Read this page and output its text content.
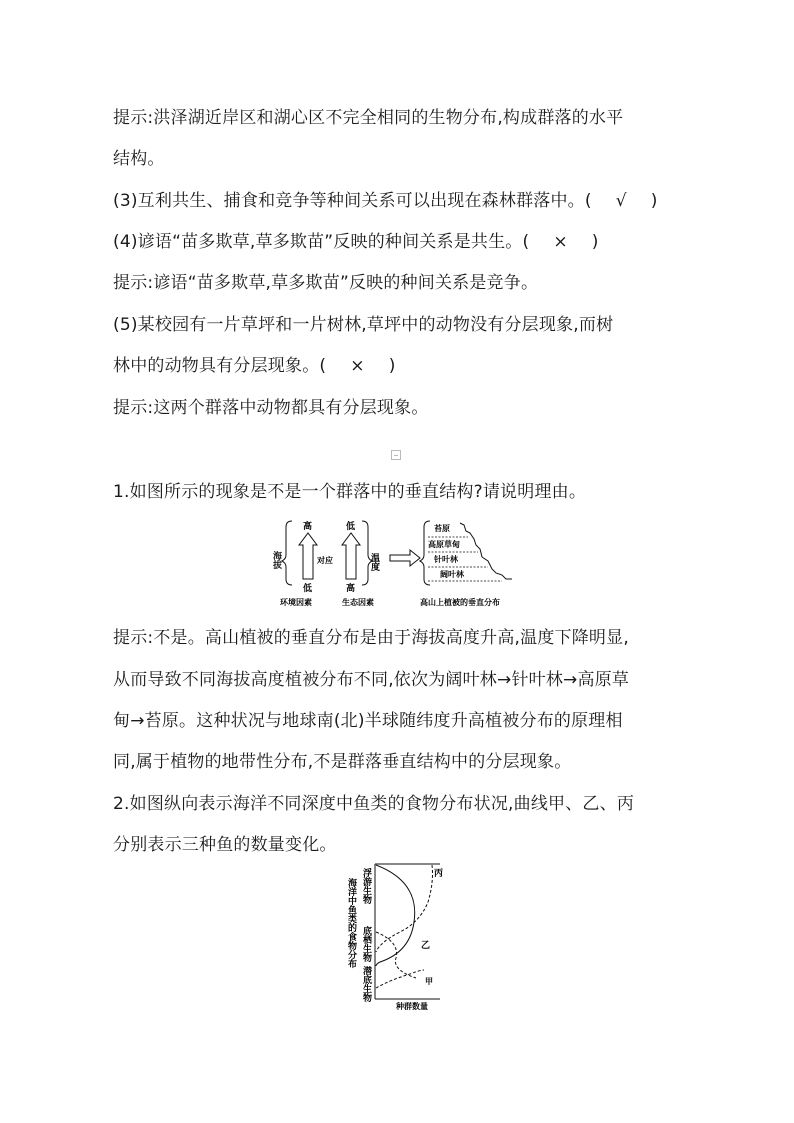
提示:洪泽湖近岸区和湖心区不完全相同的生物分布,构成群落的水平
结构。
(3)互利共生、捕食和竞争等种间关系可以出现在森林群落中。( √ )
(4)谚语“苗多欺草,草多欺苗”反映的种间关系是共生。( × )
提示:谚语“苗多欺草,草多欺苗”反映的种间关系是竞争。
(5)某校园有一片草坪和一片树林,草坪中的动物没有分层现象,而树
林中的动物具有分层现象。( × )
提示:这两个群落中动物都具有分层现象。
1.如图所示的现象是不是一个群落中的垂直结构?请说明理由。
海拔
高
低
对应
低
高
温度
苔原
高原草甸
针叶林
阔叶林
环境因素	生态因素	高山上植被的垂直分布
提示:不是。高山植被的垂直分布是由于海拔高度升高,温度下降明显,
从而导致不同海拔高度植被分布不同,依次为阔叶林→针叶林→高原草
甸→苔原。这种状况与地球南(北)半球随纬度升高植被分布的原理相
同,属于植物的地带性分布,不是群落垂直结构中的分层现象。
2.如图纵向表示海洋不同深度中鱼类的食物分布状况,曲线甲、乙、丙
分别表示三种鱼的数量变化。
海洋中鱼类的食物分布 浮游生物
底栖生物
潜底生物
丙
乙
甲
种群数量
